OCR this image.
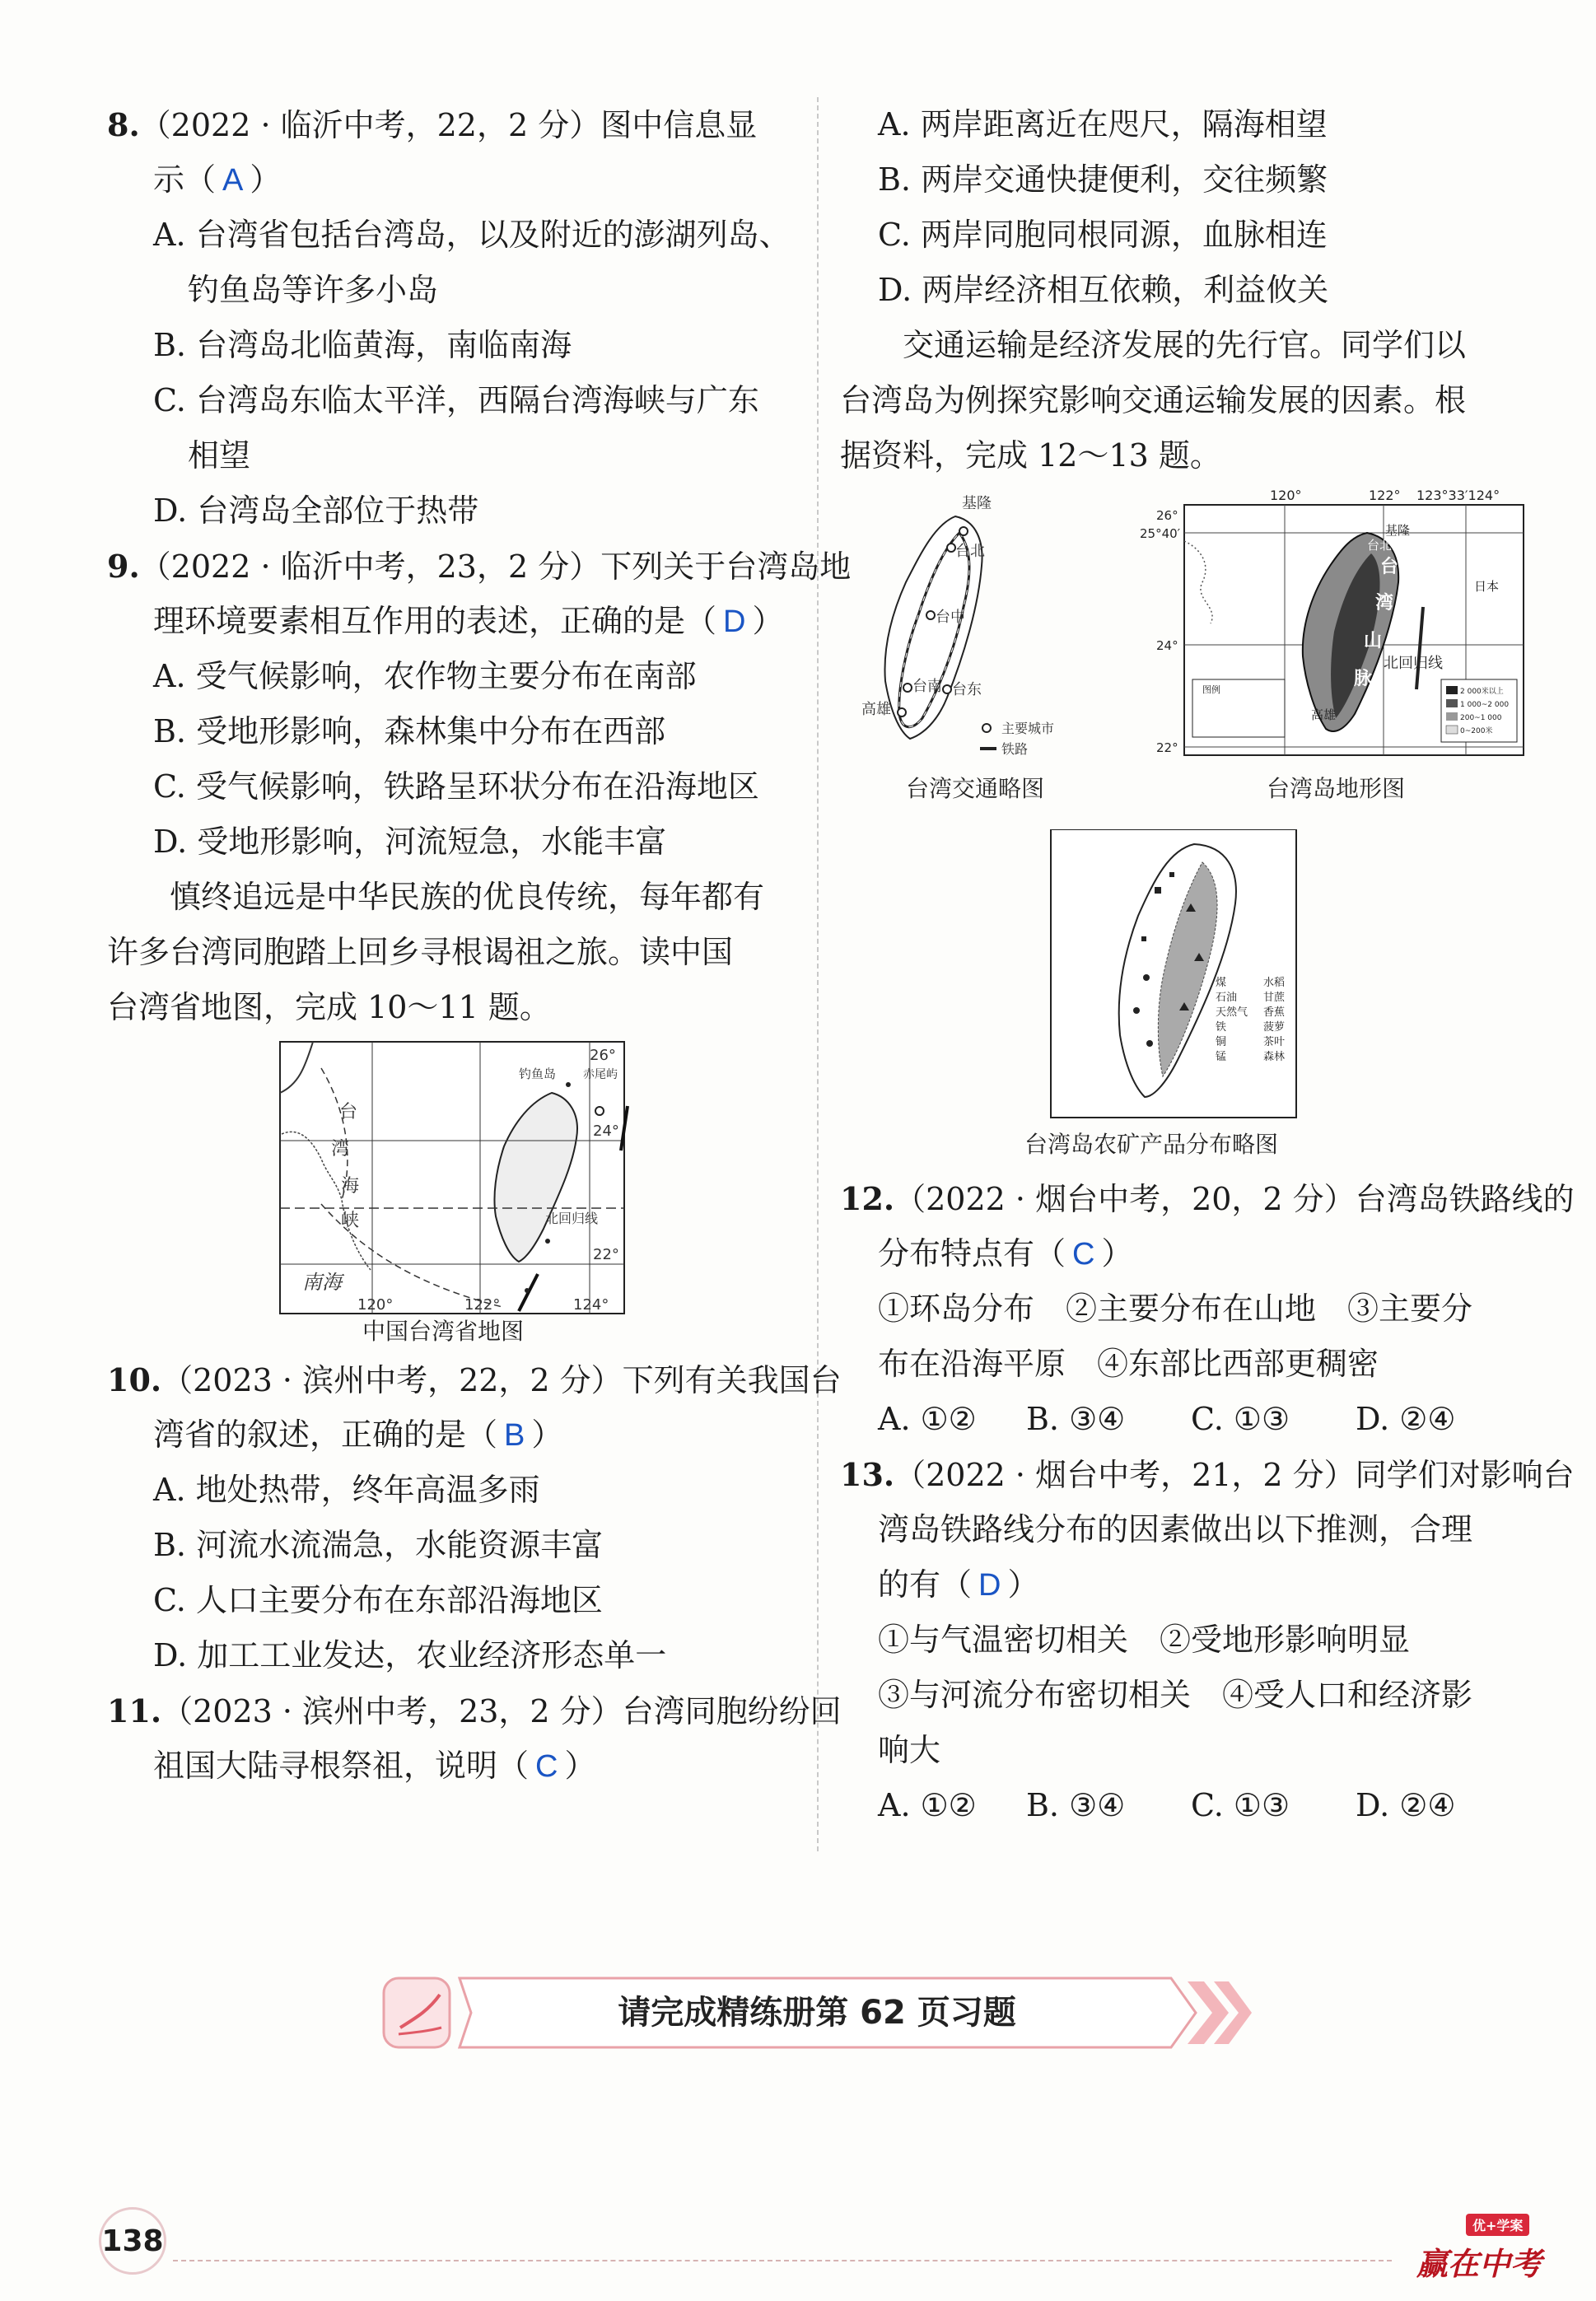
8.（2022 · 临沂中考，22，2 分）图中信息显
示（ A ）
A. 台湾省包括台湾岛，以及附近的澎湖列岛、
钓鱼岛等许多小岛
B. 台湾岛北临黄海，南临南海
C. 台湾岛东临太平洋，西隔台湾海峡与广东
相望
D. 台湾岛全部位于热带
9.（2022 · 临沂中考，23，2 分）下列关于台湾岛地
理环境要素相互作用的表述，正确的是（ D ）
A. 受气候影响，农作物主要分布在南部
B. 受地形影响，森林集中分布在西部
C. 受气候影响，铁路呈环状分布在沿海地区
D. 受地形影响，河流短急，水能丰富
慎终追远是中华民族的优良传统，每年都有
许多台湾同胞踏上回乡寻根谒祖之旅。读中国
台湾省地图，完成 10～11 题。
台
湾
海
峡
南海
钓鱼岛 赤尾屿
北回归线
26°
24°
22°
120°	122°	124°
中国台湾省地图
10.（2023 · 滨州中考，22，2 分）下列有关我国台
湾省的叙述，正确的是（ B ）
A. 地处热带，终年高温多雨
B. 河流水流湍急，水能资源丰富
C. 人口主要分布在东部沿海地区
D. 加工工业发达，农业经济形态单一
11.（2023 · 滨州中考，23，2 分）台湾同胞纷纷回
祖国大陆寻根祭祖，说明（ C ）
A. 两岸距离近在咫尺，隔海相望
B. 两岸交通快捷便利，交往频繁
C. 两岸同胞同根同源，血脉相连
D. 两岸经济相互依赖，利益攸关
交通运输是经济发展的先行官。同学们以
台湾岛为例探究影响交通运输发展的因素。根
据资料，完成 12～13 题。
基隆
台北
台中
台南
高雄
台东
主要城市
铁路
台湾交通略图
台
湾
山
脉
台北
基隆
高雄
北回归线
日本
120°	122° 123°33′124°
26°
25°40′
24°
22°
图例	2 000米以上
1 000~2 000
200~1 000
0~200米
台湾岛地形图
煤
石油
天然气
铁
铜
锰
水稻
甘蔗
香蕉
菠萝
茶叶
森林
台湾岛农矿产品分布略图
12.（2022 · 烟台中考，20，2 分）台湾岛铁路线的
分布特点有（ C ）
①环岛分布　②主要分布在山地　③主要分
布在沿海平原　④东部比西部更稠密
A. ①②	B. ③④	C. ①③	D. ②④
13.（2022 · 烟台中考，21，2 分）同学们对影响台
湾岛铁路线分布的因素做出以下推测，合理
的有（ D ）
①与气温密切相关　②受地形影响明显
③与河流分布密切相关　④受人口和经济影
响大
A. ①②	B. ③④	C. ①③	D. ②④
请完成精练册第 62 页习题
138	优+学案
赢在中考
